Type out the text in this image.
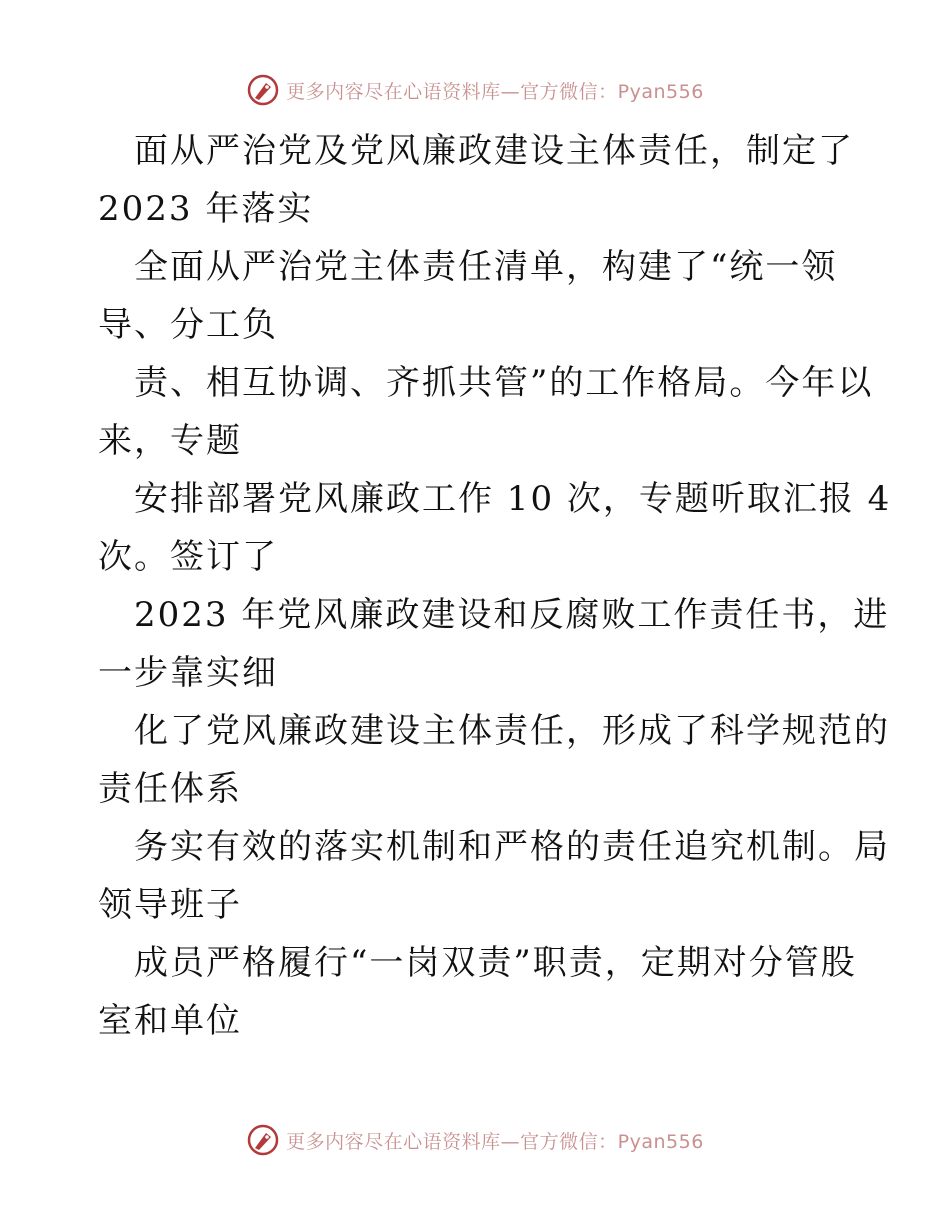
更多内容尽在心语资料库—官方微信：Pyan556

面从严治党及党风廉政建设主体责任，制定了
2023 年落实

全面从严治党主体责任清单，构建了“统一领
导、分工负

责、相互协调、齐抓共管”的工作格局。今年以
来，专题

安排部署党风廉政工作 10 次，专题听取汇报 4
次。签订了

2023 年党风廉政建设和反腐败工作责任书，进
一步靠实细

化了党风廉政建设主体责任，形成了科学规范的
责任体系

务实有效的落实机制和严格的责任追究机制。局
领导班子

成员严格履行“一岗双责”职责，定期对分管股
室和单位

更多内容尽在心语资料库—官方微信：Pyan556
